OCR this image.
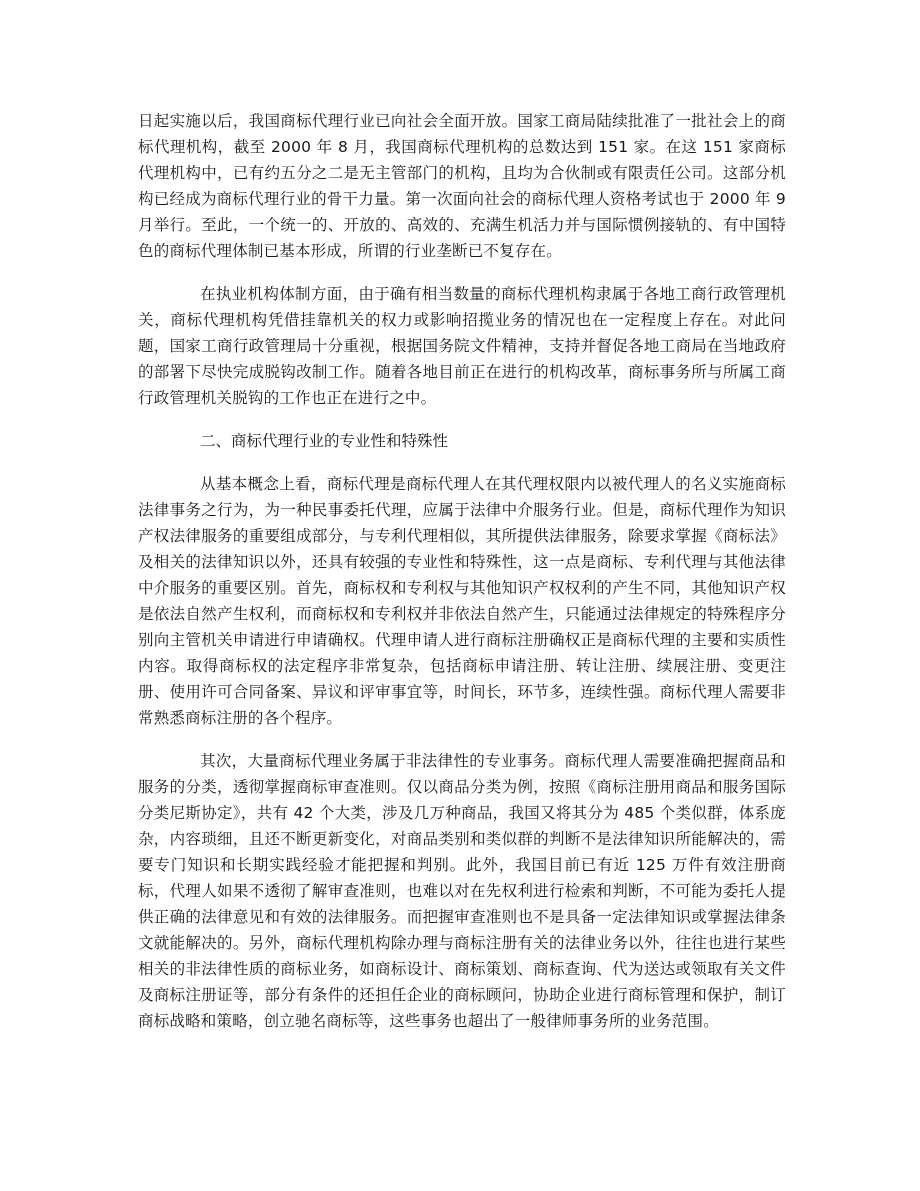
日起实施以后，我国商标代理行业已向社会全面开放。国家工商局陆续批准了一批社会上的商标代理机构，截至 2000 年 8 月，我国商标代理机构的总数达到 151 家。在这 151 家商标代理机构中，已有约五分之二是无主管部门的机构，且均为合伙制或有限责任公司。这部分机构已经成为商标代理行业的骨干力量。第一次面向社会的商标代理人资格考试也于 2000 年 9 月举行。至此，一个统一的、开放的、高效的、充满生机活力并与国际惯例接轨的、有中国特色的商标代理体制已基本形成，所谓的行业垄断已不复存在。

在执业机构体制方面，由于确有相当数量的商标代理机构隶属于各地工商行政管理机关，商标代理机构凭借挂靠机关的权力或影响招揽业务的情况也在一定程度上存在。对此问题，国家工商行政管理局十分重视，根据国务院文件精神，支持并督促各地工商局在当地政府的部署下尽快完成脱钩改制工作。随着各地目前正在进行的机构改革，商标事务所与所属工商行政管理机关脱钩的工作也正在进行之中。

二、商标代理行业的专业性和特殊性

从基本概念上看，商标代理是商标代理人在其代理权限内以被代理人的名义实施商标法律事务之行为，为一种民事委托代理，应属于法律中介服务行业。但是，商标代理作为知识产权法律服务的重要组成部分，与专利代理相似，其所提供法律服务，除要求掌握《商标法》及相关的法律知识以外，还具有较强的专业性和特殊性，这一点是商标、专利代理与其他法律中介服务的重要区别。首先，商标权和专利权与其他知识产权权利的产生不同，其他知识产权是依法自然产生权利，而商标权和专利权并非依法自然产生，只能通过法律规定的特殊程序分别向主管机关申请进行申请确权。代理申请人进行商标注册确权正是商标代理的主要和实质性内容。取得商标权的法定程序非常复杂，包括商标申请注册、转让注册、续展注册、变更注册、使用许可合同备案、异议和评审事宜等，时间长，环节多，连续性强。商标代理人需要非常熟悉商标注册的各个程序。

其次，大量商标代理业务属于非法律性的专业事务。商标代理人需要准确把握商品和服务的分类，透彻掌握商标审查准则。仅以商品分类为例，按照《商标注册用商品和服务国际分类尼斯协定》，共有 42 个大类，涉及几万种商品，我国又将其分为 485 个类似群，体系庞杂，内容琐细，且还不断更新变化，对商品类别和类似群的判断不是法律知识所能解决的，需要专门知识和长期实践经验才能把握和判别。此外，我国目前已有近 125 万件有效注册商标，代理人如果不透彻了解审查准则，也难以对在先权利进行检索和判断，不可能为委托人提供正确的法律意见和有效的法律服务。而把握审查准则也不是具备一定法律知识或掌握法律条文就能解决的。另外，商标代理机构除办理与商标注册有关的法律业务以外，往往也进行某些相关的非法律性质的商标业务，如商标设计、商标策划、商标查询、代为送达或领取有关文件及商标注册证等，部分有条件的还担任企业的商标顾问，协助企业进行商标管理和保护，制订商标战略和策略，创立驰名商标等，这些事务也超出了一般律师事务所的业务范围。
